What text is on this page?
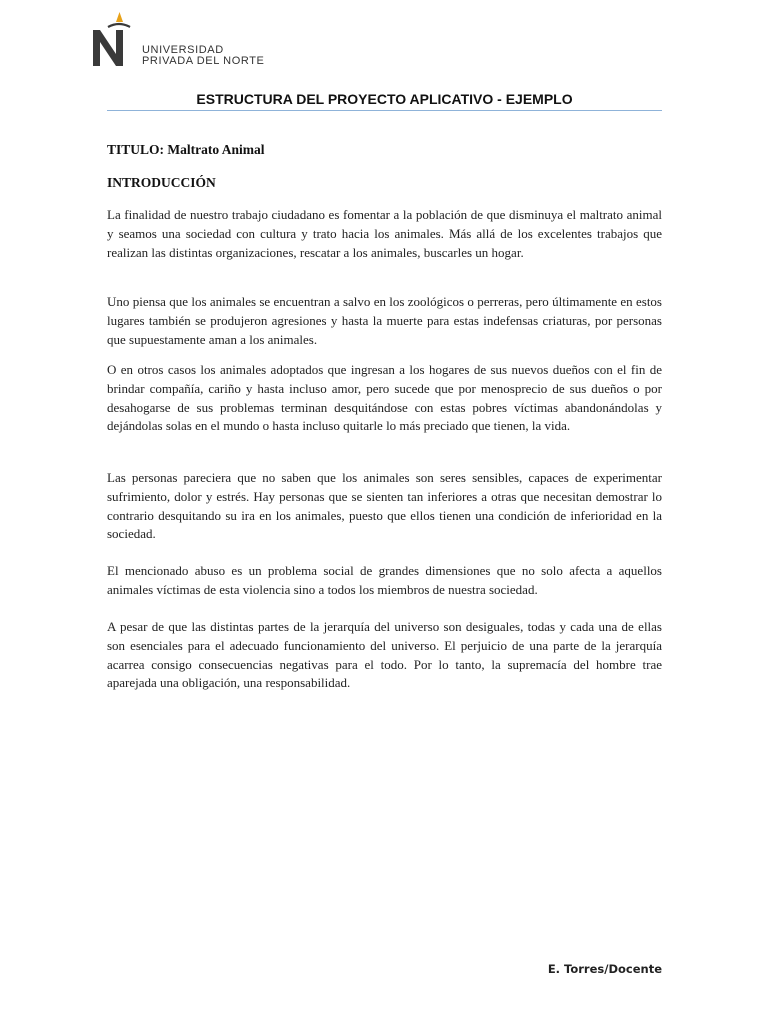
UNIVERSIDAD
PRIVADA DEL NORTE
ESTRUCTURA DEL PROYECTO APLICATIVO - EJEMPLO
TITULO: Maltrato Animal
INTRODUCCIÓN

La finalidad de nuestro trabajo ciudadano es fomentar a la población de que disminuya el maltrato animal y seamos una sociedad con cultura y trato hacia los animales. Más allá de los excelentes trabajos que realizan las distintas organizaciones, rescatar a los animales, buscarles un hogar.

Uno piensa que los animales se encuentran a salvo en los zoológicos o perreras, pero últimamente en estos lugares también se produjeron agresiones y hasta la muerte para estas indefensas criaturas, por personas que supuestamente aman a los animales.

O en otros casos los animales adoptados que ingresan a los hogares de sus nuevos dueños con el fin de brindar compañía, cariño y hasta incluso amor, pero sucede que por menosprecio de sus dueños o por desahogarse de sus problemas terminan desquitándose con estas pobres víctimas abandonándolas y dejándolas solas en el mundo o hasta incluso quitarle lo más preciado que tienen, la vida.

Las personas pareciera que no saben que los animales son seres sensibles, capaces de experimentar sufrimiento, dolor y estrés. Hay personas que se sienten tan inferiores a otras que necesitan demostrar lo contrario desquitando su ira en los animales, puesto que ellos tienen una condición de inferioridad en la sociedad.

El mencionado abuso es un problema social de grandes dimensiones que no solo afecta a aquellos animales víctimas de esta violencia sino a todos los miembros de nuestra sociedad.

A pesar de que las distintas partes de la jerarquía del universo son desiguales, todas y cada una de ellas son esenciales para el adecuado funcionamiento del universo. El perjuicio de una parte de la jerarquía acarrea consigo consecuencias negativas para el todo. Por lo tanto, la supremacía del hombre trae aparejada una obligación, una responsabilidad.

E. Torres/Docente
